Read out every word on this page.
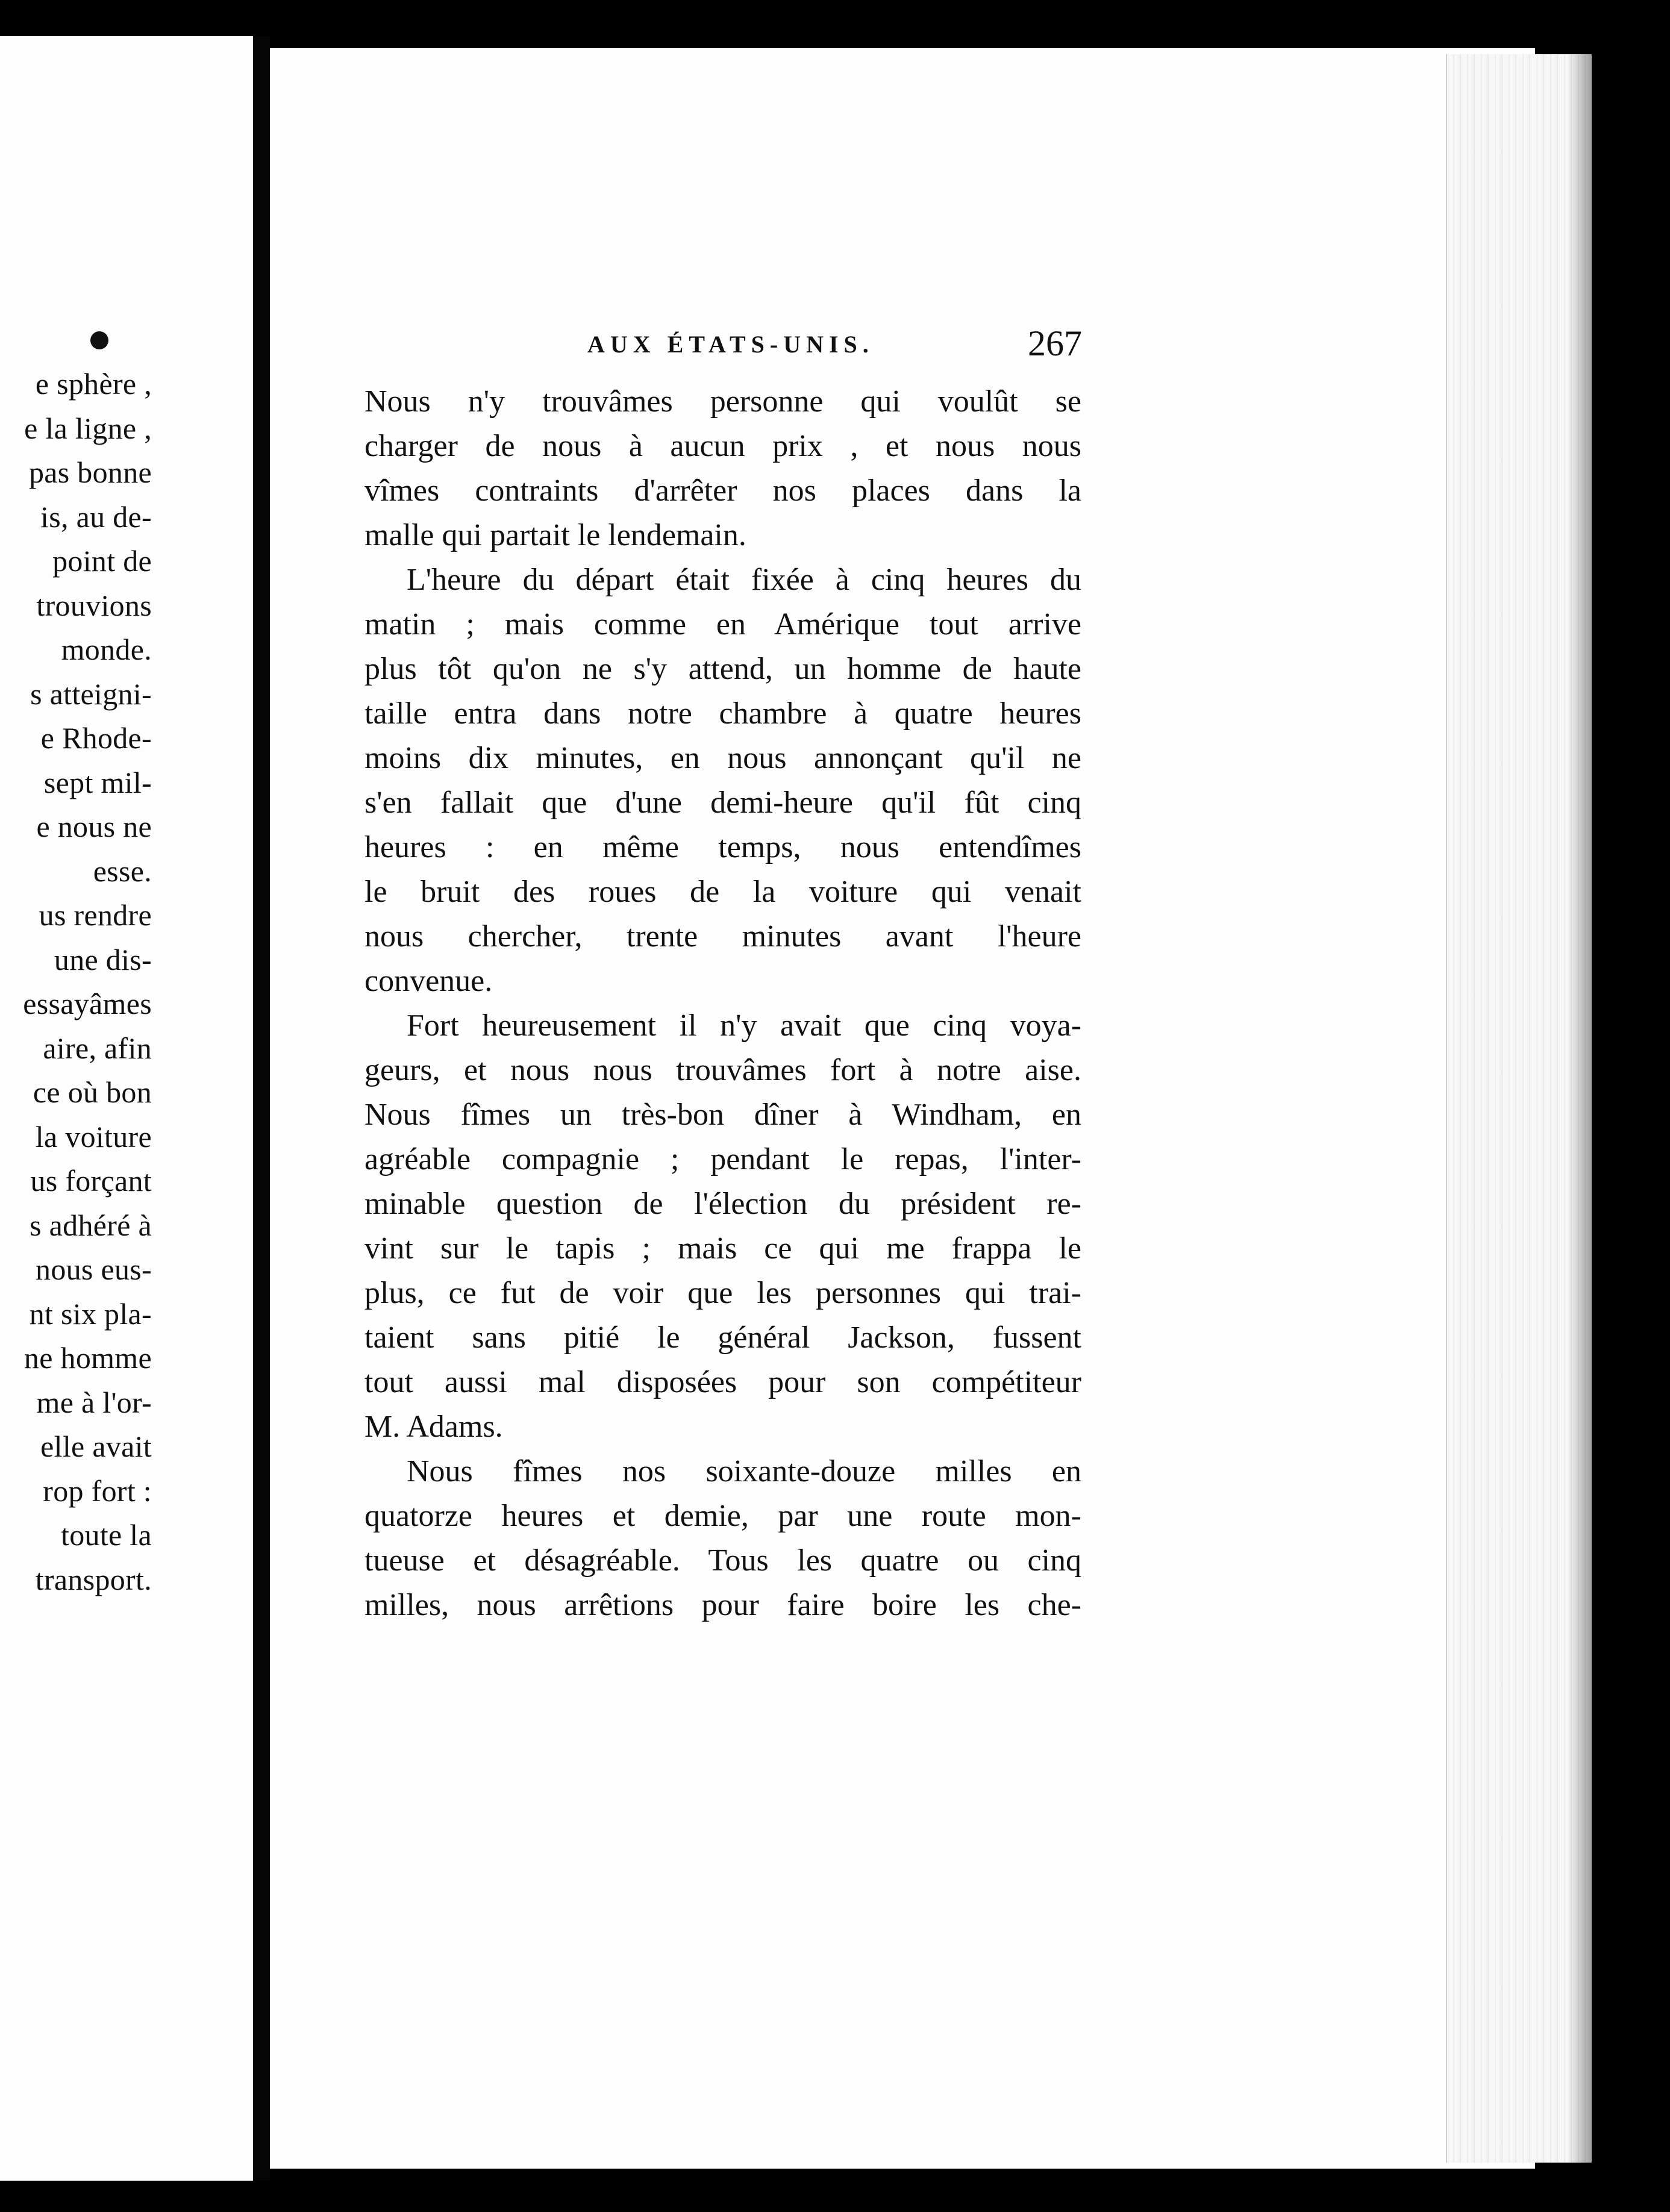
e sphère ,
e la ligne ,
pas bonne
is, au de-
point de
trouvions
monde.
s atteigni-
e Rhode-
sept mil-
e nous ne
esse.
us rendre
une dis-
essayâmes
aire, afin
ce où bon
la voiture
us forçant
s adhéré à
nous eus-
nt six pla-
ne homme
me à l'or-
elle avait
rop fort :
toute la
transport.
AUX ÉTATS-UNIS.	267
Nous n'y trouvâmes personne qui voulût se
charger de nous à aucun prix , et nous nous
vîmes contraints d'arrêter nos places dans la
malle qui partait le lendemain.
L'heure du départ était fixée à cinq heures du
matin ; mais comme en Amérique tout arrive
plus tôt qu'on ne s'y attend, un homme de haute
taille entra dans notre chambre à quatre heures
moins dix minutes, en nous annonçant qu'il ne
s'en fallait que d'une demi-heure qu'il fût cinq
heures : en même temps, nous entendîmes
le bruit des roues de la voiture qui venait
nous chercher, trente minutes avant l'heure
convenue.
Fort heureusement il n'y avait que cinq voya-
geurs, et nous nous trouvâmes fort à notre aise.
Nous fîmes un très-bon dîner à Windham, en
agréable compagnie ; pendant le repas, l'inter-
minable question de l'élection du président re-
vint sur le tapis ; mais ce qui me frappa le
plus, ce fut de voir que les personnes qui trai-
taient sans pitié le général Jackson, fussent
tout aussi mal disposées pour son compétiteur
M. Adams.
Nous fîmes nos soixante-douze milles en
quatorze heures et demie, par une route mon-
tueuse et désagréable. Tous les quatre ou cinq
milles, nous arrêtions pour faire boire les che-
